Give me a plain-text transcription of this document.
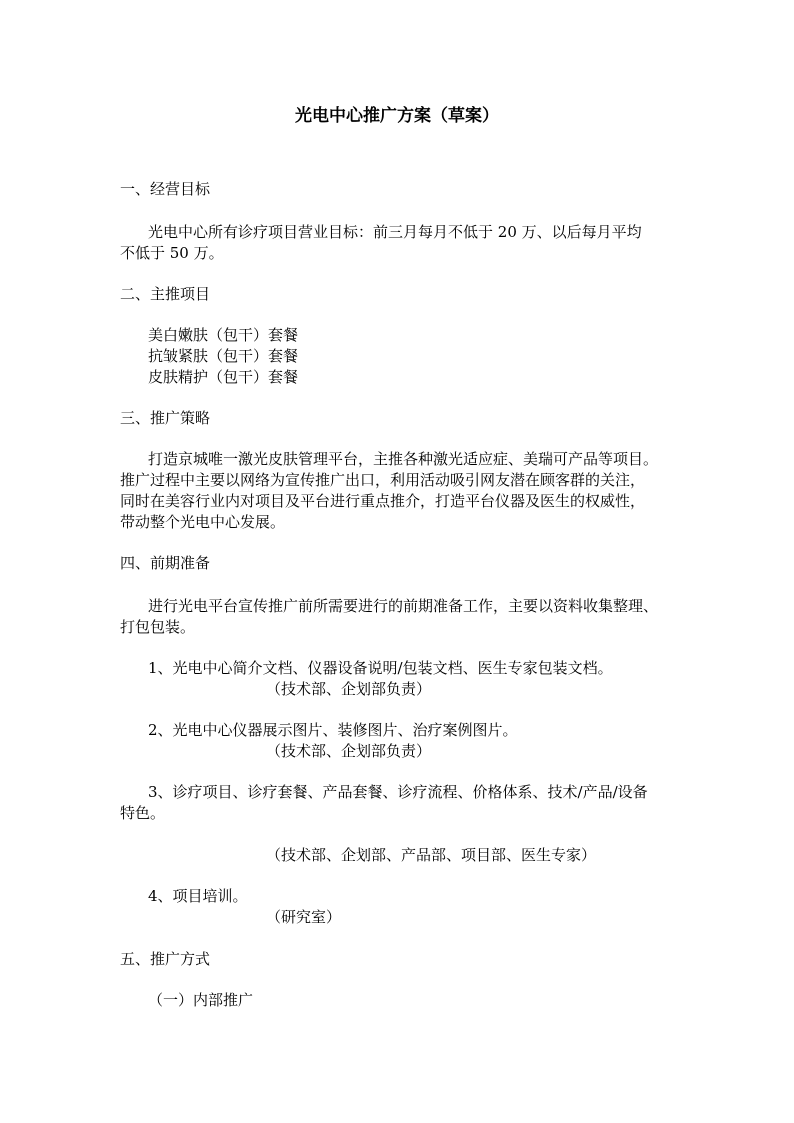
光电中心推广方案（草案）
一、经营目标
光电中心所有诊疗项目营业目标：前三月每月不低于 20 万、以后每月平均
不低于 50 万。
二、主推项目
美白嫩肤（包干）套餐
抗皱紧肤（包干）套餐
皮肤精护（包干）套餐
三、推广策略
打造京城唯一激光皮肤管理平台，主推各种激光适应症、美瑞可产品等项目。
推广过程中主要以网络为宣传推广出口，利用活动吸引网友潜在顾客群的关注，
同时在美容行业内对项目及平台进行重点推介，打造平台仪器及医生的权威性，
带动整个光电中心发展。
四、前期准备
进行光电平台宣传推广前所需要进行的前期准备工作，主要以资料收集整理、
打包包装。
1、光电中心简介文档、仪器设备说明/包装文档、医生专家包装文档。
（技术部、企划部负责）
2、光电中心仪器展示图片、装修图片、治疗案例图片。
（技术部、企划部负责）
3、诊疗项目、诊疗套餐、产品套餐、诊疗流程、价格体系、技术/产品/设备
特色。
（技术部、企划部、产品部、项目部、医生专家）
4、项目培训。
（研究室）
五、推广方式
（一）内部推广
